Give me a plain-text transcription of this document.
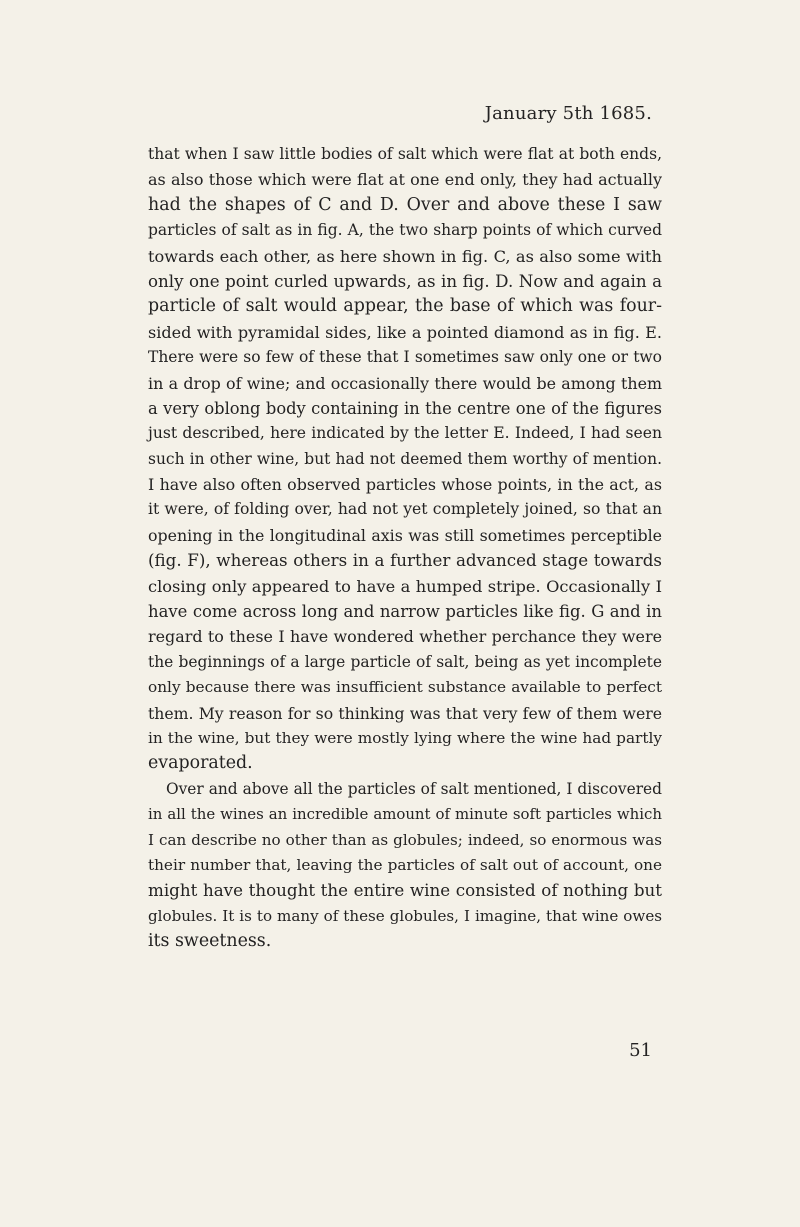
January 5th 1685.
that when I saw little bodies of salt which were flat at both ends,
as also those which were flat at one end only, they had actually
had the shapes of C and D. Over and above these I saw
particles of salt as in fig. A, the two sharp points of which curved
towards each other, as here shown in fig. C, as also some with
only one point curled upwards, as in fig. D. Now and again a
particle of salt would appear, the base of which was four-
sided with pyramidal sides, like a pointed diamond as in fig. E.
There were so few of these that I sometimes saw only one or two
in a drop of wine; and occasionally there would be among them
a very oblong body containing in the centre one of the figures
just described, here indicated by the letter E. Indeed, I had seen
such in other wine, but had not deemed them worthy of mention.
I have also often observed particles whose points, in the act, as
it were, of folding over, had not yet completely joined, so that an
opening in the longitudinal axis was still sometimes perceptible
(fig. F), whereas others in a further advanced stage towards
closing only appeared to have a humped stripe. Occasionally I
have come across long and narrow particles like fig. G and in
regard to these I have wondered whether perchance they were
the beginnings of a large particle of salt, being as yet incomplete
only because there was insufficient substance available to perfect
them. My reason for so thinking was that very few of them were
in the wine, but they were mostly lying where the wine had partly
evaporated.
Over and above all the particles of salt mentioned, I discovered
in all the wines an incredible amount of minute soft particles which
I can describe no other than as globules; indeed, so enormous was
their number that, leaving the particles of salt out of account, one
might have thought the entire wine consisted of nothing but
globules. It is to many of these globules, I imagine, that wine owes
its sweetness.
51
